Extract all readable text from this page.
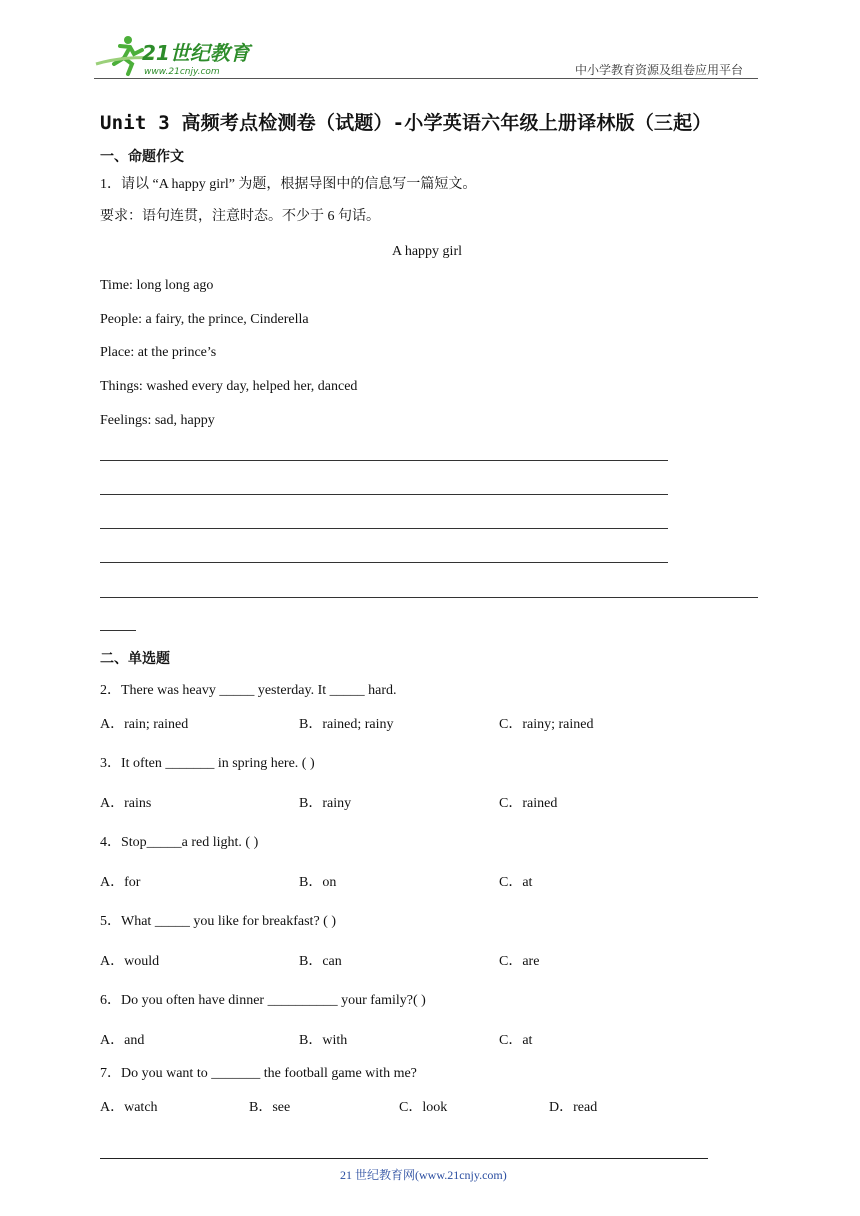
21世纪教育
www.21cnjy.com	中小学教育资源及组卷应用平台
Unit 3 高频考点检测卷（试题）-小学英语六年级上册译林版（三起）
一、命题作文
1．请以 “A happy girl” 为题，根据导图中的信息写一篇短文。
要求：语句连贯，注意时态。不少于 6 句话。
A happy girl
Time: long long ago
People: a fairy, the prince, Cinderella
Place: at the prince’s
Things: washed every day, helped her, danced
Feelings: sad, happy
二、单选题
2．There was heavy _____ yesterday. It _____ hard.
A．rain; rained	B．rained; rainy	C．rainy; rained
3．It often _______ in spring here. ( )
A．rains	B．rainy	C．rained
4．Stop_____a red light. ( )
A．for	B．on	C．at
5．What _____ you like for breakfast? ( )
A．would	B．can	C．are
6．Do you often have dinner __________ your family?( )
A．and	B．with	C．at
7．Do you want to _______ the football game with me?
A．watch	B．see	C．look	D．read
21 世纪教育网(www.21cnjy.com)
